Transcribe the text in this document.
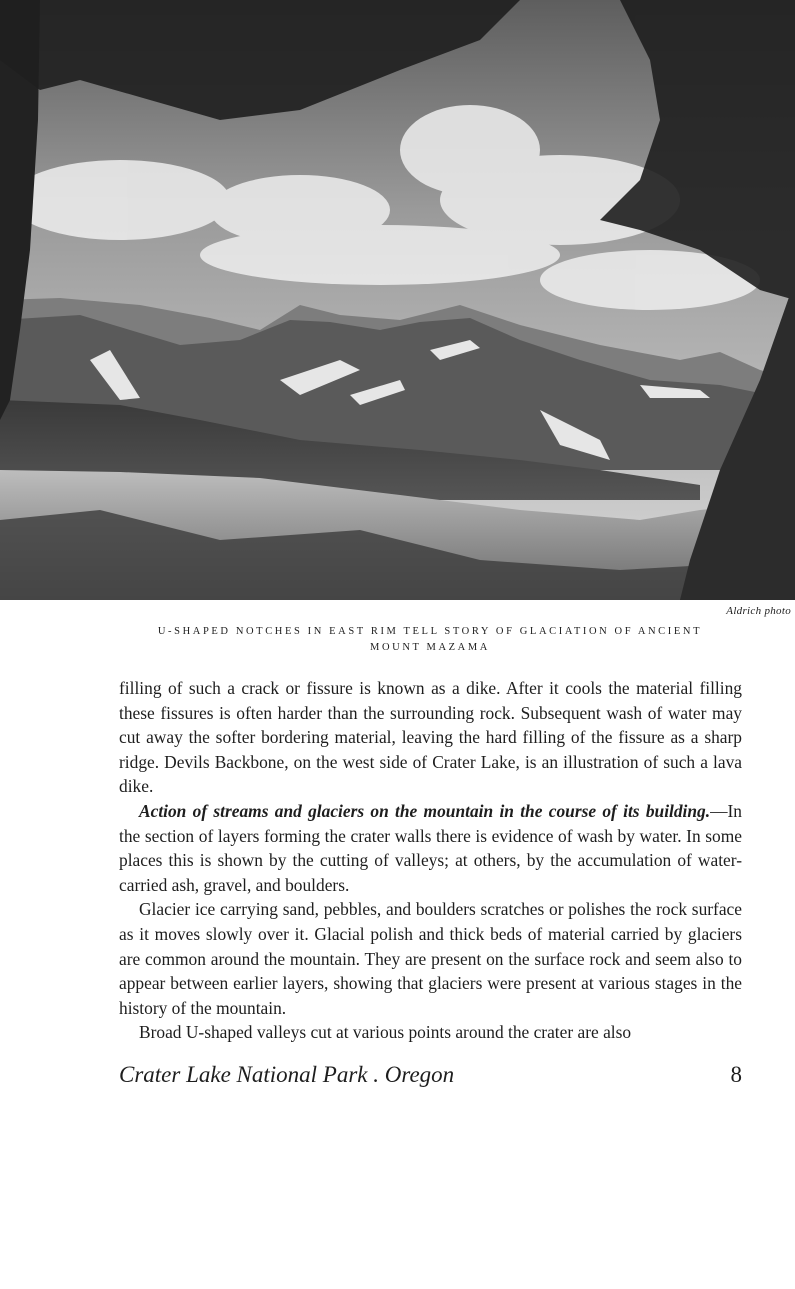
Aldrich photo
U-SHAPED NOTCHES IN EAST RIM TELL STORY OF GLACIATION OF ANCIENT
MOUNT MAZAMA

filling of such a crack or fissure is known as a dike. After it cools the material filling these fissures is often harder than the surrounding rock. Subsequent wash of water may cut away the softer bordering material, leaving the hard filling of the fissure as a sharp ridge. Devils Backbone, on the west side of Crater Lake, is an illustration of such a lava dike.

Action of streams and glaciers on the mountain in the course of its building.—In the section of layers forming the crater walls there is evidence of wash by water. In some places this is shown by the cutting of valleys; at others, by the accumulation of water-carried ash, gravel, and boulders.

Glacier ice carrying sand, pebbles, and boulders scratches or polishes the rock surface as it moves slowly over it. Glacial polish and thick beds of material carried by glaciers are common around the mountain. They are present on the surface rock and seem also to appear between earlier layers, showing that glaciers were present at various stages in the history of the mountain.

Broad U-shaped valleys cut at various points around the crater are also

Crater Lake National Park . Oregon	8
